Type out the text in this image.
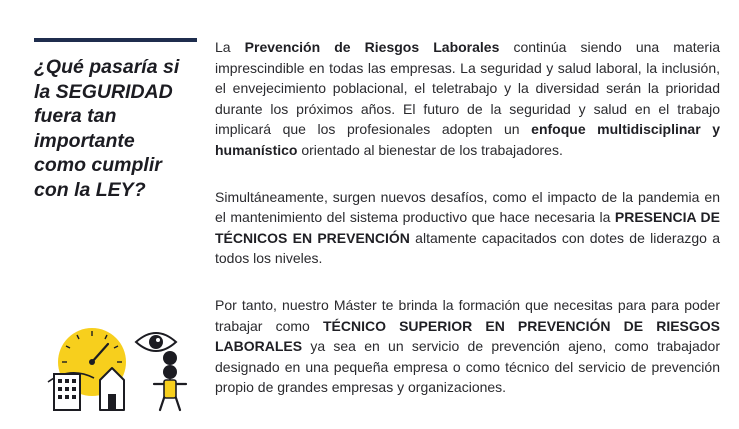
¿Qué pasaría si
la SEGURIDAD
fuera tan
importante
como cumplir
con la LEY?

La Prevención de Riesgos Laborales continúa siendo una materia imprescindible en todas las empresas. La seguridad y salud laboral, la inclusión, el envejecimiento poblacional, el teletrabajo y la diversidad serán la prioridad durante los próximos años. El futuro de la seguridad y salud en el trabajo implicará que los profesionales adopten un enfoque multidisciplinar y humanístico orientado al bienestar de los trabajadores.

Simultáneamente, surgen nuevos desafíos, como el impacto de la pandemia en el mantenimiento del sistema productivo que hace necesaria la PRESENCIA DE TÉCNICOS EN PREVENCIÓN altamente capacitados con dotes de liderazgo a todos los niveles.

Por tanto, nuestro Máster te brinda la formación que necesitas para para poder trabajar como TÉCNICO SUPERIOR EN PREVENCIÓN DE RIESGOS LABORALES ya sea en un servicio de prevención ajeno, como trabajador designado en una pequeña empresa o como técnico del servicio de prevención propio de grandes empresas y organizaciones.
